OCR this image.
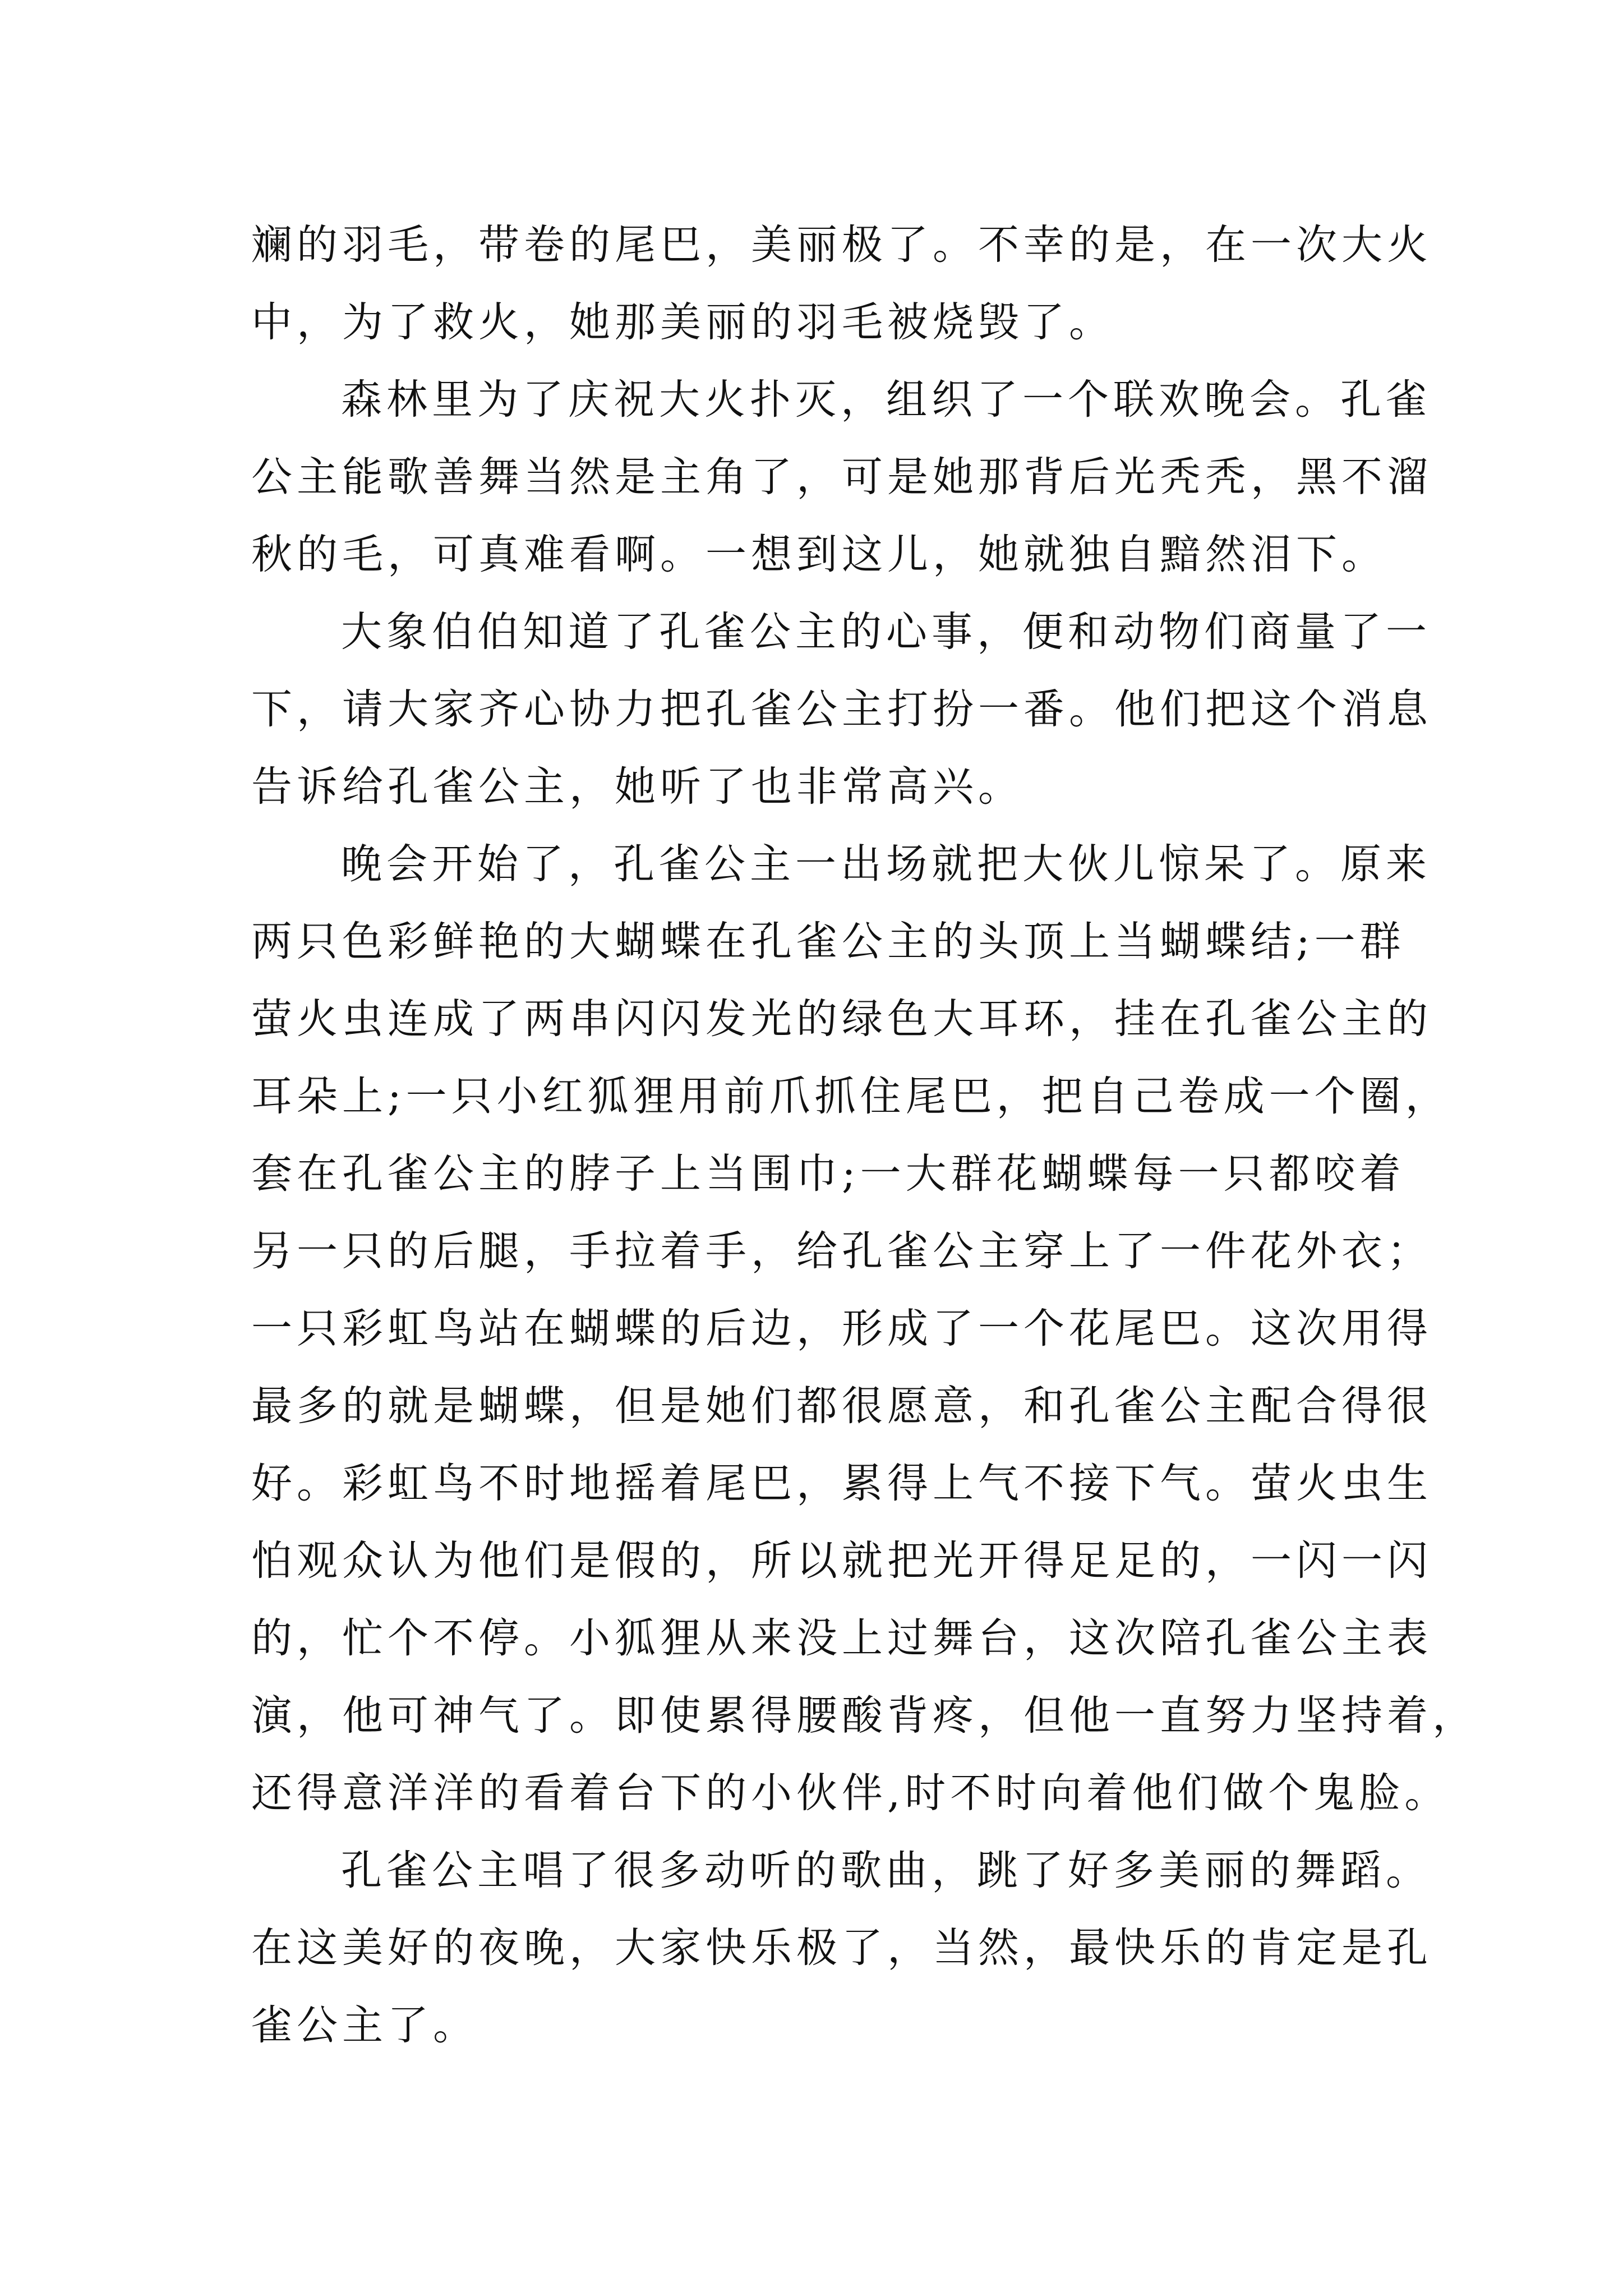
斓的羽毛，带卷的尾巴，美丽极了。不幸的是，在一次大火
中，为了救火，她那美丽的羽毛被烧毁了。
森林里为了庆祝大火扑灭，组织了一个联欢晚会。孔雀
公主能歌善舞当然是主角了，可是她那背后光秃秃，黑不溜
秋的毛，可真难看啊。一想到这儿，她就独自黯然泪下。
大象伯伯知道了孔雀公主的心事，便和动物们商量了一
下，请大家齐心协力把孔雀公主打扮一番。他们把这个消息
告诉给孔雀公主，她听了也非常高兴。
晚会开始了，孔雀公主一出场就把大伙儿惊呆了。原来
两只色彩鲜艳的大蝴蝶在孔雀公主的头顶上当蝴蝶结;一群
萤火虫连成了两串闪闪发光的绿色大耳环，挂在孔雀公主的
耳朵上;一只小红狐狸用前爪抓住尾巴，把自己卷成一个圈，
套在孔雀公主的脖子上当围巾;一大群花蝴蝶每一只都咬着
另一只的后腿，手拉着手，给孔雀公主穿上了一件花外衣；
一只彩虹鸟站在蝴蝶的后边，形成了一个花尾巴。这次用得
最多的就是蝴蝶，但是她们都很愿意，和孔雀公主配合得很
好。彩虹鸟不时地摇着尾巴，累得上气不接下气。萤火虫生
怕观众认为他们是假的，所以就把光开得足足的，一闪一闪
的，忙个不停。小狐狸从来没上过舞台，这次陪孔雀公主表
演，他可神气了。即使累得腰酸背疼，但他一直努力坚持着，
还得意洋洋的看着台下的小伙伴,时不时向着他们做个鬼脸。
孔雀公主唱了很多动听的歌曲，跳了好多美丽的舞蹈。
在这美好的夜晚，大家快乐极了，当然，最快乐的肯定是孔
雀公主了。
